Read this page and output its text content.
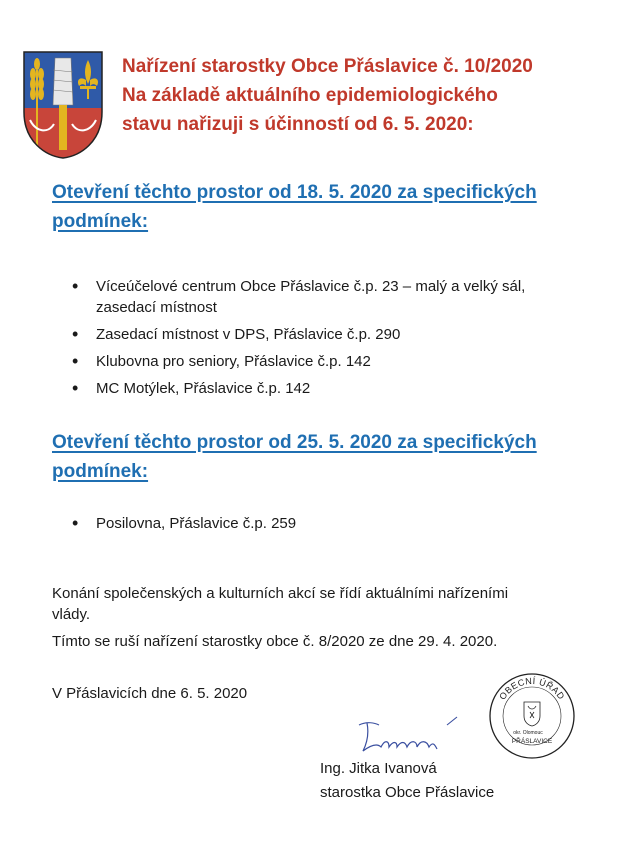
Nařízení starostky Obce Přáslavice č. 10/2020
Na základě aktuálního epidemiologického
stavu nařizuji s účinností od 6. 5. 2020:
Otevření těchto prostor od 18. 5. 2020 za specifických
podmínek:
• Víceúčelové centrum Obce Přáslavice č.p. 23 – malý a velký sál, zasedací místnost
• Zasedací místnost v DPS, Přáslavice č.p. 290
• Klubovna pro seniory, Přáslavice č.p. 142
• MC Motýlek, Přáslavice č.p. 142
Otevření těchto prostor od 25. 5. 2020 za specifických
podmínek:
• Posilovna, Přáslavice č.p. 259
Konání společenských a kulturních akcí se řídí aktuálními nařízeními vlády.
Tímto se ruší nařízení starostky obce č. 8/2020 ze dne 29. 4. 2020.
V Přáslavicích dne 6. 5. 2020
Ing. Jitka Ivanová
starostka Obce Přáslavice
OBECNÍ ÚŘAD
okr. Olomouc
PŘÁSLAVICE
